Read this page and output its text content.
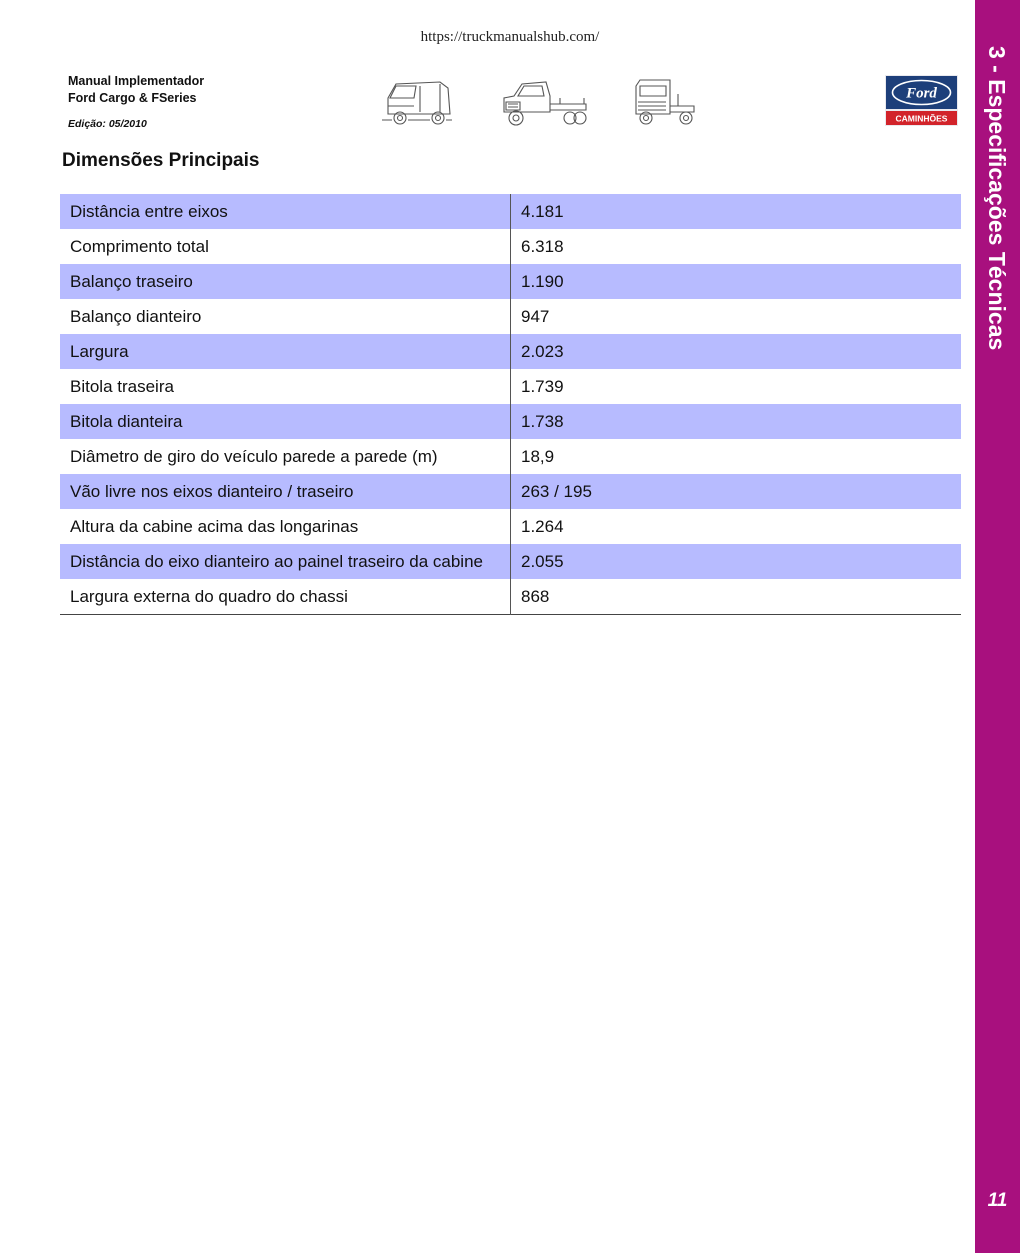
https://truckmanualshub.com/
Manual Implementador
Ford Cargo & FSeries
Edição: 05/2010
Ford
CAMINHÕES
Dimensões Principais
Distância entre eixos	4.181
Comprimento total	6.318
Balanço traseiro	1.190
Balanço dianteiro	947
Largura	2.023
Bitola traseira	1.739
Bitola dianteira	1.738
Diâmetro de giro do veículo parede a parede (m)	18,9
Vão livre nos eixos dianteiro / traseiro	263 / 195
Altura da cabine acima das longarinas	1.264
Distância do eixo dianteiro ao painel traseiro da cabine	2.055
Largura externa do quadro do chassi	868
3 - Especificações Técnicas
11
